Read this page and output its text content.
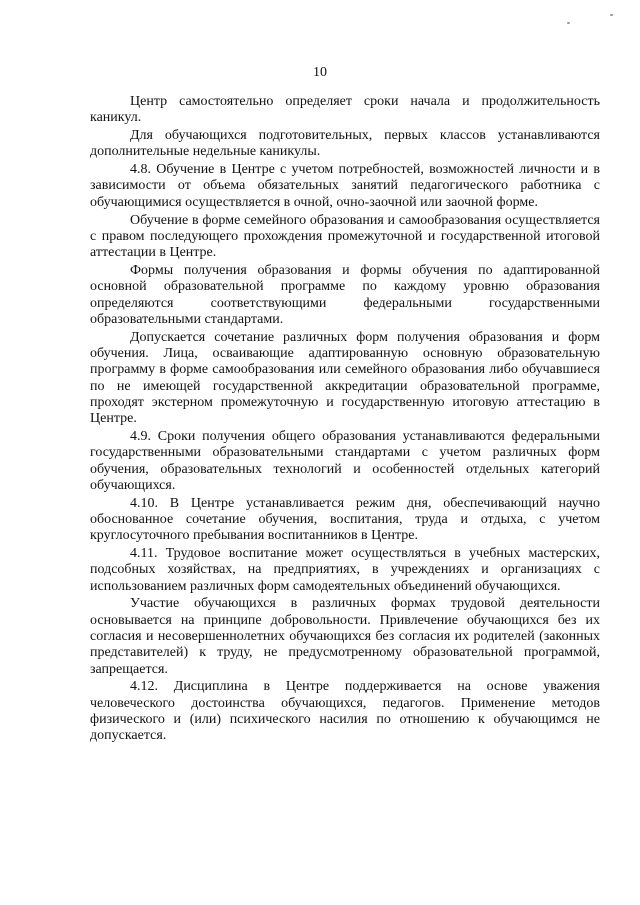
10

Центр самостоятельно определяет сроки начала и продолжительность каникул.

Для обучающихся подготовительных, первых классов устанавливаются дополнительные недельные каникулы.

4.8. Обучение в Центре с учетом потребностей, возможностей личности и в зависимости от объема обязательных занятий педагогического работника с обучающимися осуществляется в очной, очно-заочной или заочной форме.

Обучение в форме семейного образования и самообразования осуществляется с правом последующего прохождения промежуточной и государственной итоговой аттестации в Центре.

Формы получения образования и формы обучения по адаптированной основной образовательной программе по каждому уровню образования определяются соответствующими федеральными государственными образовательными стандартами.

Допускается сочетание различных форм получения образования и форм обучения. Лица, осваивающие адаптированную основную образовательную программу в форме самообразования или семейного образования либо обучавшиеся по не имеющей государственной аккредитации образовательной программе, проходят экстерном промежуточную и государственную итоговую аттестацию в Центре.

4.9. Сроки получения общего образования устанавливаются федеральными государственными образовательными стандартами с учетом различных форм обучения, образовательных технологий и особенностей отдельных категорий обучающихся.

4.10. В Центре устанавливается режим дня, обеспечивающий научно обоснованное сочетание обучения, воспитания, труда и отдыха, с учетом круглосуточного пребывания воспитанников в Центре.

4.11. Трудовое воспитание может осуществляться в учебных мастерских, подсобных хозяйствах, на предприятиях, в учреждениях и организациях с использованием различных форм самодеятельных объединений обучающихся.

Участие обучающихся в различных формах трудовой деятельности основывается на принципе добровольности. Привлечение обучающихся без их согласия и несовершеннолетних обучающихся без согласия их родителей (законных представителей) к труду, не предусмотренному образовательной программой, запрещается.

4.12. Дисциплина в Центре поддерживается на основе уважения человеческого достоинства обучающихся, педагогов. Применение методов физического и (или) психического насилия по отношению к обучающимся не допускается.
